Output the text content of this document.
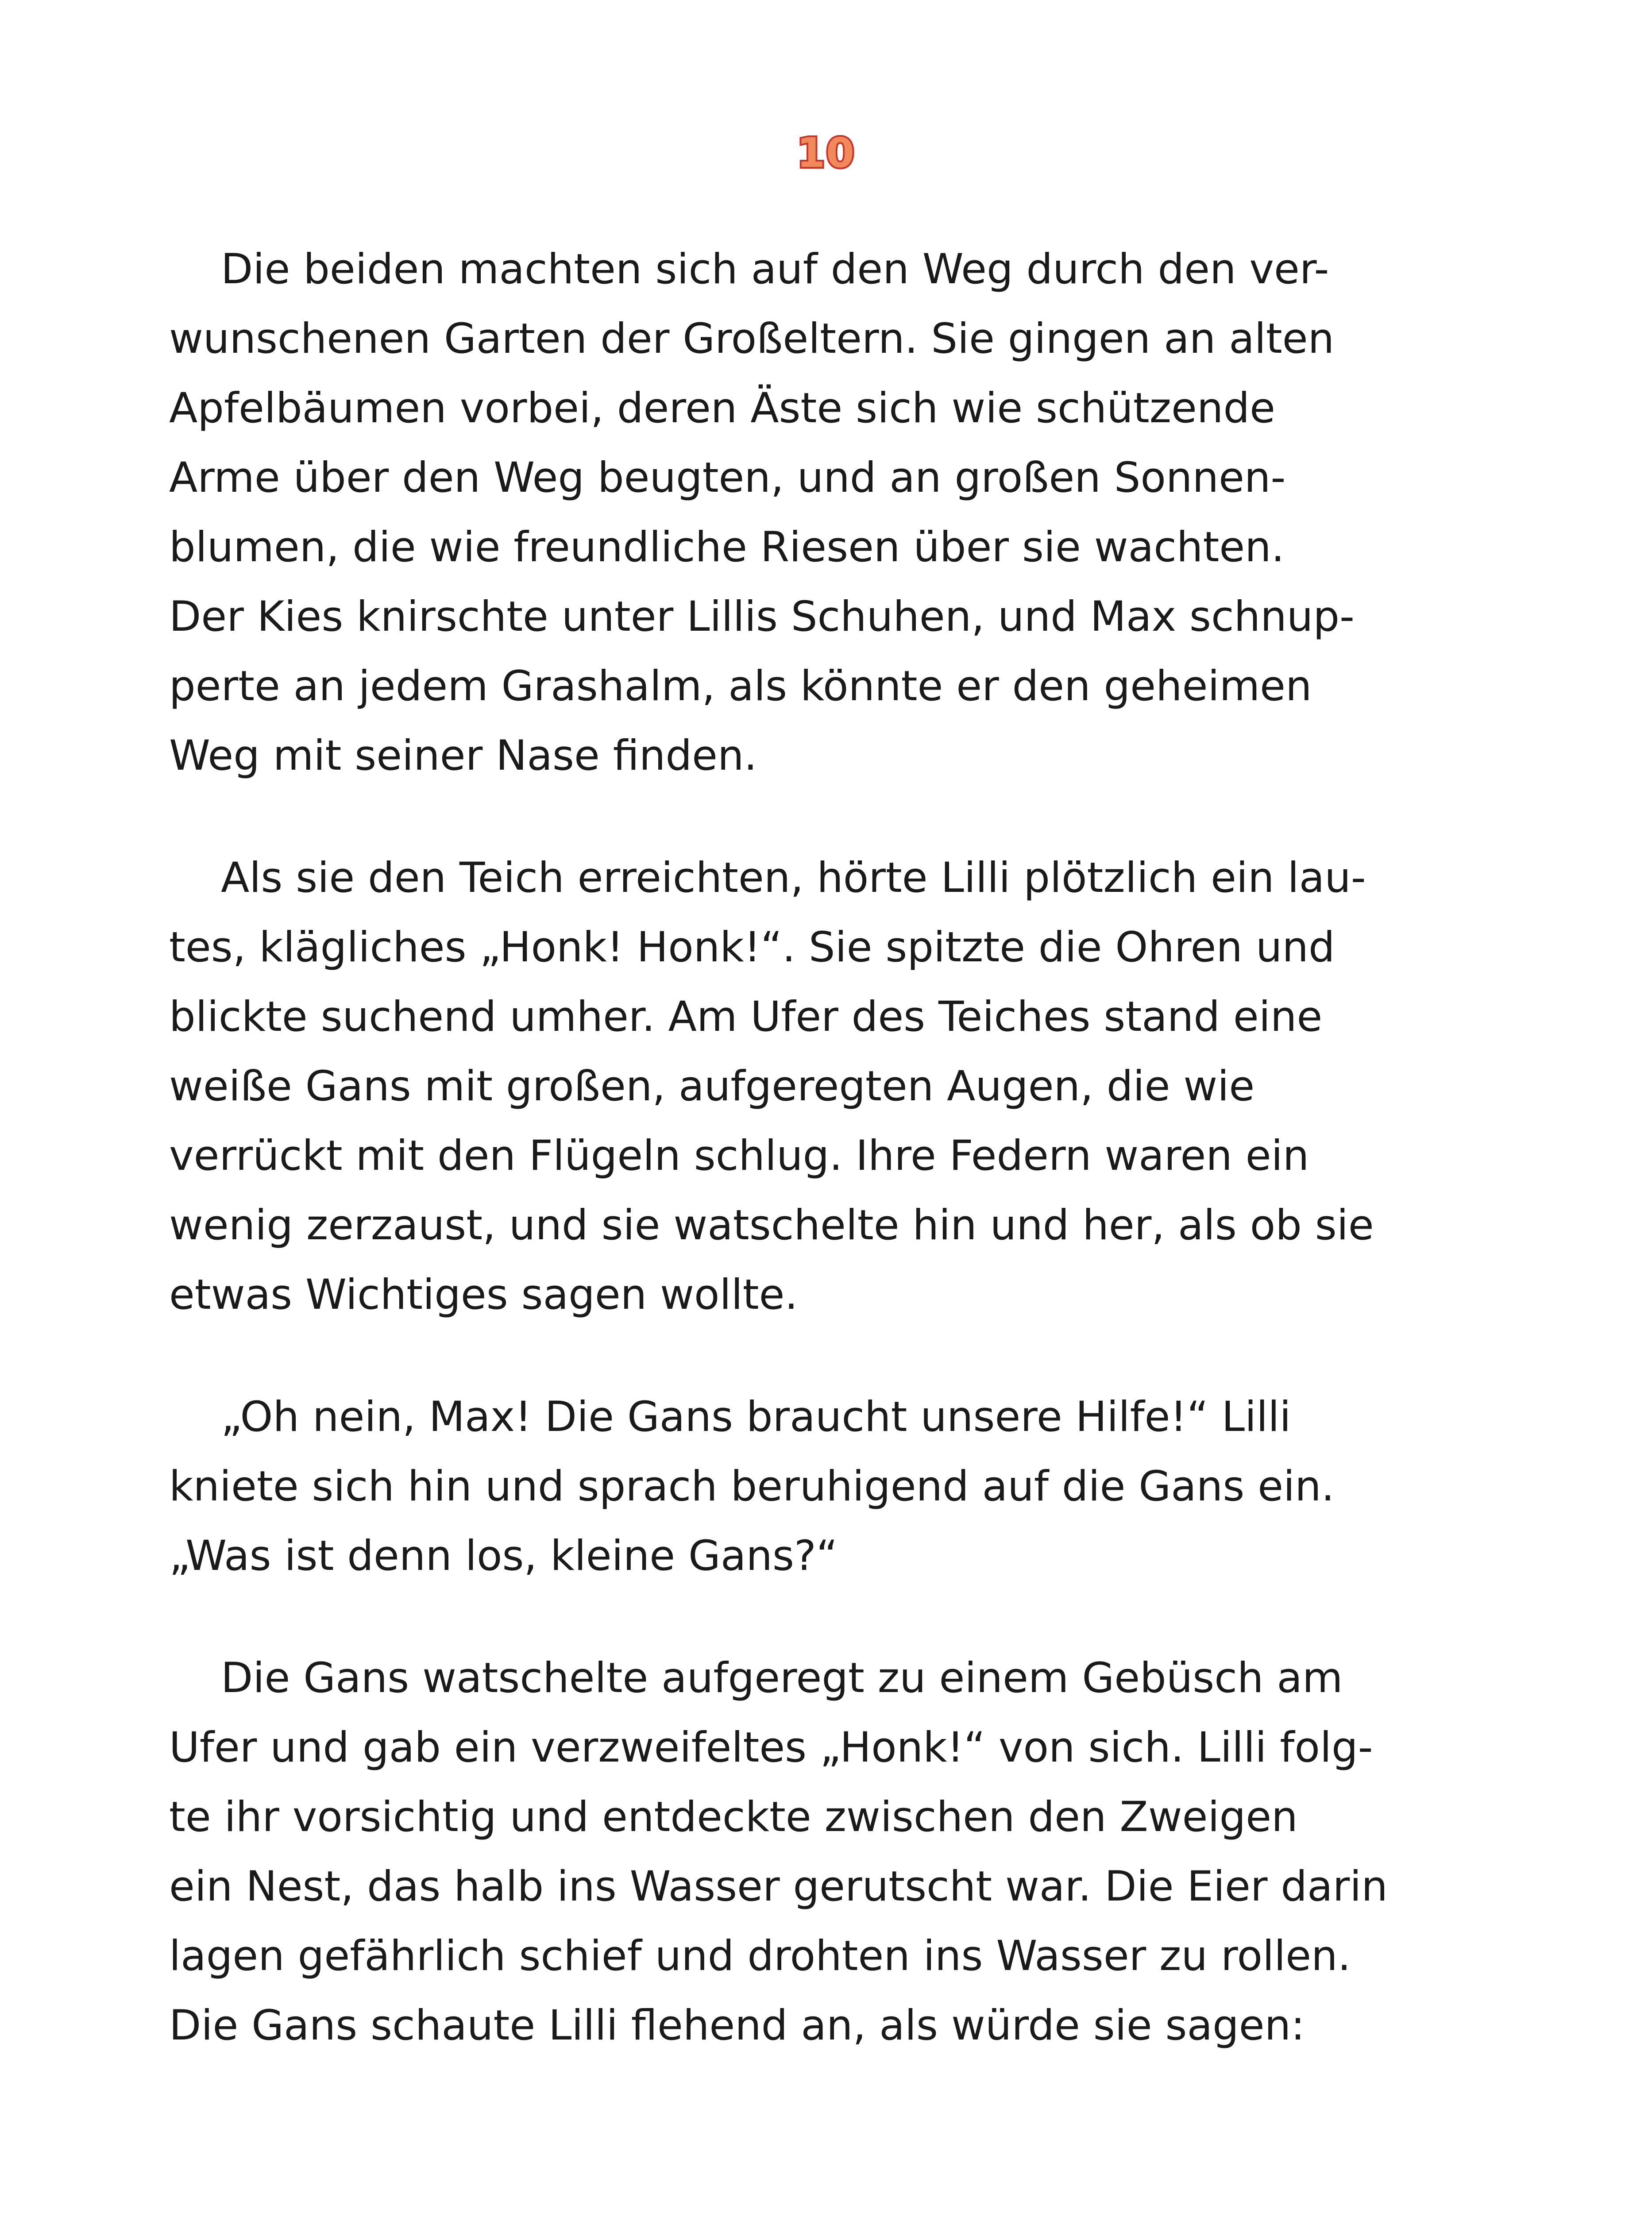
10

Die beiden machten sich auf den Weg durch den ver-
wunschenen Garten der Großeltern. Sie gingen an alten
Apfelbäumen vorbei, deren Äste sich wie schützende
Arme über den Weg beugten, und an großen Sonnen-
blumen, die wie freundliche Riesen über sie wachten.
Der Kies knirschte unter Lillis Schuhen, und Max schnup-
perte an jedem Grashalm, als könnte er den geheimen
Weg mit seiner Nase finden.

Als sie den Teich erreichten, hörte Lilli plötzlich ein lau-
tes, klägliches „Honk! Honk!“. Sie spitzte die Ohren und
blickte suchend umher. Am Ufer des Teiches stand eine
weiße Gans mit großen, aufgeregten Augen, die wie
verrückt mit den Flügeln schlug. Ihre Federn waren ein
wenig zerzaust, und sie watschelte hin und her, als ob sie
etwas Wichtiges sagen wollte.

„Oh nein, Max! Die Gans braucht unsere Hilfe!“ Lilli
kniete sich hin und sprach beruhigend auf die Gans ein.
„Was ist denn los, kleine Gans?“

Die Gans watschelte aufgeregt zu einem Gebüsch am
Ufer und gab ein verzweifeltes „Honk!“ von sich. Lilli folg-
te ihr vorsichtig und entdeckte zwischen den Zweigen
ein Nest, das halb ins Wasser gerutscht war. Die Eier darin
lagen gefährlich schief und drohten ins Wasser zu rollen.
Die Gans schaute Lilli flehend an, als würde sie sagen:
